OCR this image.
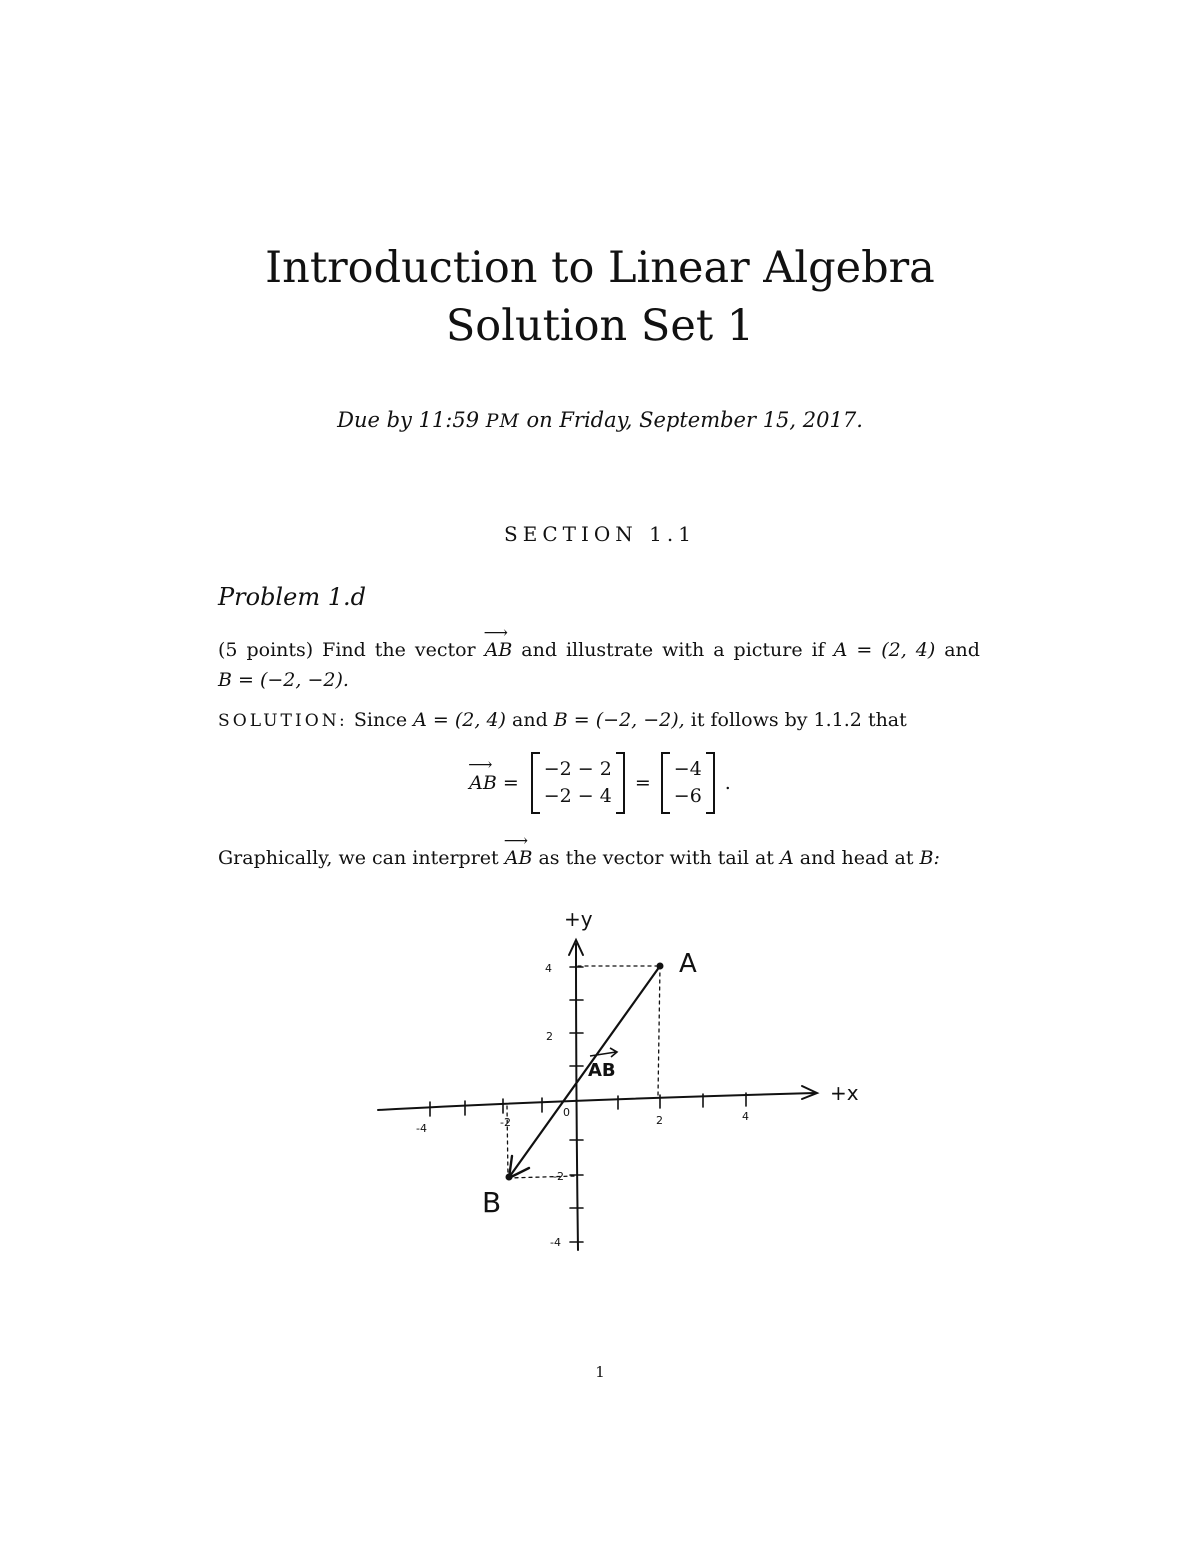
Introduction to Linear Algebra
Solution Set 1
Due by 11:59 PM on Friday, September 15, 2017.
SECTION 1.1
Problem 1.d
(5 points) Find the vector AB ⟶ and illustrate with a picture if A = (2, 4) and
B = (−2, −2).
SOLUTION: Since A = (2, 4) and B = (−2, −2), it follows by 1.1.2 that
AB ⟶ =
−2 − 2
−2 − 4
=
−4
−6
.
Graphically, we can interpret AB ⟶ as the vector with tail at A and head at B:
+x
+y
A
B
AB
0
4
2
2	4
-2
-4
-2
-4
1
